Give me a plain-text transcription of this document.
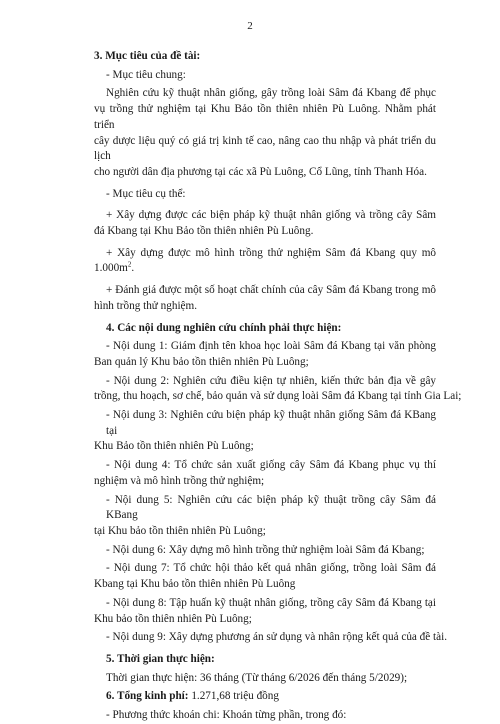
2

3. Mục tiêu của đề tài:

- Mục tiêu chung:

Nghiên cứu kỹ thuật nhân giống, gây trồng loài Sâm đá Kbang để phục

vụ trồng thử nghiệm tại Khu Bảo tồn thiên nhiên Pù Luông. Nhằm phát triển

cây dược liệu quý có giá trị kinh tế cao, nâng cao thu nhập và phát triển du lịch

cho người dân địa phương tại các xã Pù Luông, Cổ Lũng, tỉnh Thanh Hóa.

- Mục tiêu cụ thể:

+ Xây dựng được các biện pháp kỹ thuật nhân giống và trồng cây Sâm

đá Kbang tại Khu Bảo tồn thiên nhiên Pù Luông.

+ Xây dựng được mô hình trồng thử nghiệm Sâm đá Kbang quy mô

$1.000m^2$.

+ Đánh giá được một số hoạt chất chính của cây Sâm đá Kbang trong mô

hình trồng thử nghiệm.

4. Các nội dung nghiên cứu chính phải thực hiện:

- Nội dung 1: Giám định tên khoa học loài Sâm đá Kbang tại văn phòng

Ban quản lý Khu bảo tồn thiên nhiên Pù Luông;

- Nội dung 2: Nghiên cứu điều kiện tự nhiên, kiến thức bản địa về gây

trồng, thu hoạch, sơ chế, bảo quản và sử dụng loài Sâm đá Kbang tại tỉnh Gia Lai;

- Nội dung 3: Nghiên cứu biện pháp kỹ thuật nhân giống Sâm đá KBang tại

Khu Bảo tồn thiên nhiên Pù Luông;

- Nội dung 4: Tổ chức sản xuất giống cây Sâm đá Kbang phục vụ thí

nghiệm và mô hình trồng thử nghiệm;

- Nội dung 5: Nghiên cứu các biện pháp kỹ thuật trồng cây Sâm đá KBang

tại Khu bảo tồn thiên nhiên Pù Luông;

- Nội dung 6: Xây dựng mô hình trồng thử nghiệm loài Sâm đá Kbang;

- Nội dung 7: Tổ chức hội thảo kết quả nhân giống, trồng loài Sâm đá

Kbang tại Khu bảo tồn thiên nhiên Pù Luông

- Nội dung 8: Tập huấn kỹ thuật nhân giống, trồng cây Sâm đá Kbang tại

Khu bảo tồn thiên nhiên Pù Luông;

- Nội dung 9: Xây dựng phương án sử dụng và nhân rộng kết quả của đề tài.

5. Thời gian thực hiện:

Thời gian thực hiện: 36 tháng (Từ tháng 6/2026 đến tháng 5/2029);

6. Tổng kinh phí: 1.271,68 triệu đồng

- Phương thức khoán chi: Khoán từng phần, trong đó:
